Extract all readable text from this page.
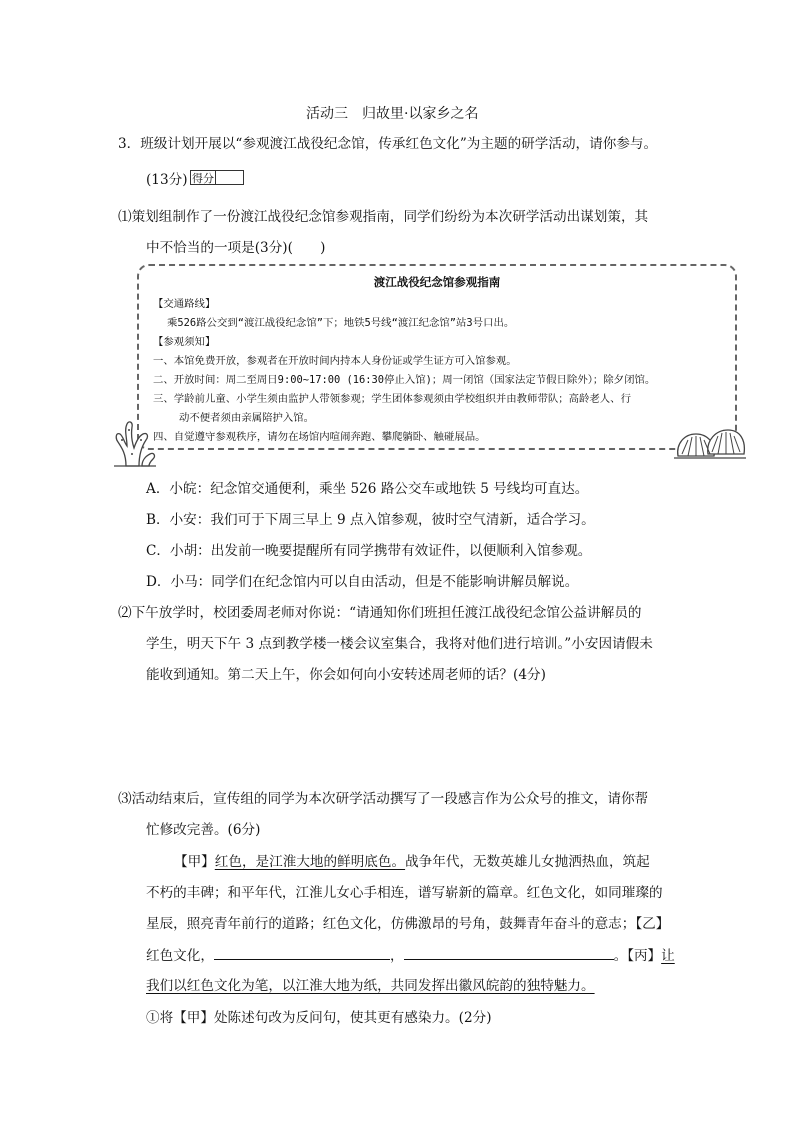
活动三　归故里·以家乡之名
3．班级计划开展以“参观渡江战役纪念馆，传承红色文化”为主题的研学活动，请你参与。
(13分) 得分
⑴策划组制作了一份渡江战役纪念馆参观指南，同学们纷纷为本次研学活动出谋划策，其
中不恰当的一项是(3分)(　　)
渡江战役纪念馆参观指南
【交通路线】
乘526路公交到“渡江战役纪念馆”下；地铁5号线“渡江纪念馆”站3号口出。
【参观须知】
一、本馆免费开放，参观者在开放时间内持本人身份证或学生证方可入馆参观。
二、开放时间：周二至周日9:00~17:00 (16:30停止入馆)；周一闭馆（国家法定节假日除外）；除夕闭馆。
三、学龄前儿童、小学生须由监护人带领参观；学生团体参观须由学校组织并由教师带队；高龄老人、行
动不便者须由亲属陪护入馆。
四、自觉遵守参观秩序，请勿在场馆内喧闹奔跑、攀爬躺卧、触碰展品。
A．小皖：纪念馆交通便利，乘坐 526 路公交车或地铁 5 号线均可直达。
B．小安：我们可于下周三早上 9 点入馆参观，彼时空气清新，适合学习。
C．小胡：出发前一晚要提醒所有同学携带有效证件，以便顺利入馆参观。
D．小马：同学们在纪念馆内可以自由活动，但是不能影响讲解员解说。
⑵下午放学时，校团委周老师对你说：“请通知你们班担任渡江战役纪念馆公益讲解员的
学生，明天下午 3 点到教学楼一楼会议室集合，我将对他们进行培训。”小安因请假未
能收到通知。第二天上午，你会如何向小安转述周老师的话？(4分)
⑶活动结束后，宣传组的同学为本次研学活动撰写了一段感言作为公众号的推文，请你帮
忙修改完善。(6分)
【甲】红色，是江淮大地的鲜明底色。战争年代，无数英雄儿女抛洒热血，筑起
不朽的丰碑；和平年代，江淮儿女心手相连，谱写崭新的篇章。红色文化，如同璀璨的
星辰，照亮青年前行的道路；红色文化，仿佛激昂的号角，鼓舞青年奋斗的意志；【乙】
红色文化，	，	。【丙】让
我们以红色文化为笔，以江淮大地为纸，共同发挥出徽风皖韵的独特魅力。
①将【甲】处陈述句改为反问句，使其更有感染力。(2分)
